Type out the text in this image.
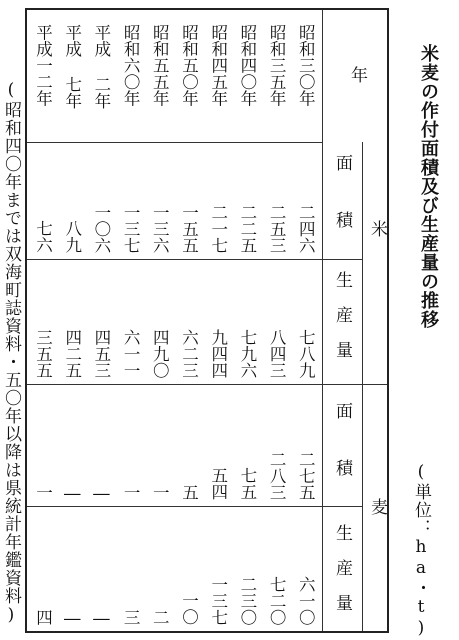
米麦の作付面積及び生産量の推移
(単位：ha・t)
(昭和四〇年までは双海町誌資料・五〇年以降は県統計年鑑資料)
年
米
麦
面積
生産量
面積
生産量
昭和三〇年
二四六
七八九
二七五
六一〇
昭和三五年
二五三
八四三
二八三
七二〇
昭和四〇年
二二五
七九六
七五
二三〇
昭和四五年
二一七
九四四
五四
一三七
昭和五〇年
一五五
六二三
五
一〇
昭和五五年
一三六
四九〇
一
二
昭和六〇年
一三七
六一一
一
三
平成 二年
一〇六
四五三
―
―
平成 七年
八九
四二五
―
―
平成一二年
七六
三五五
一
四
